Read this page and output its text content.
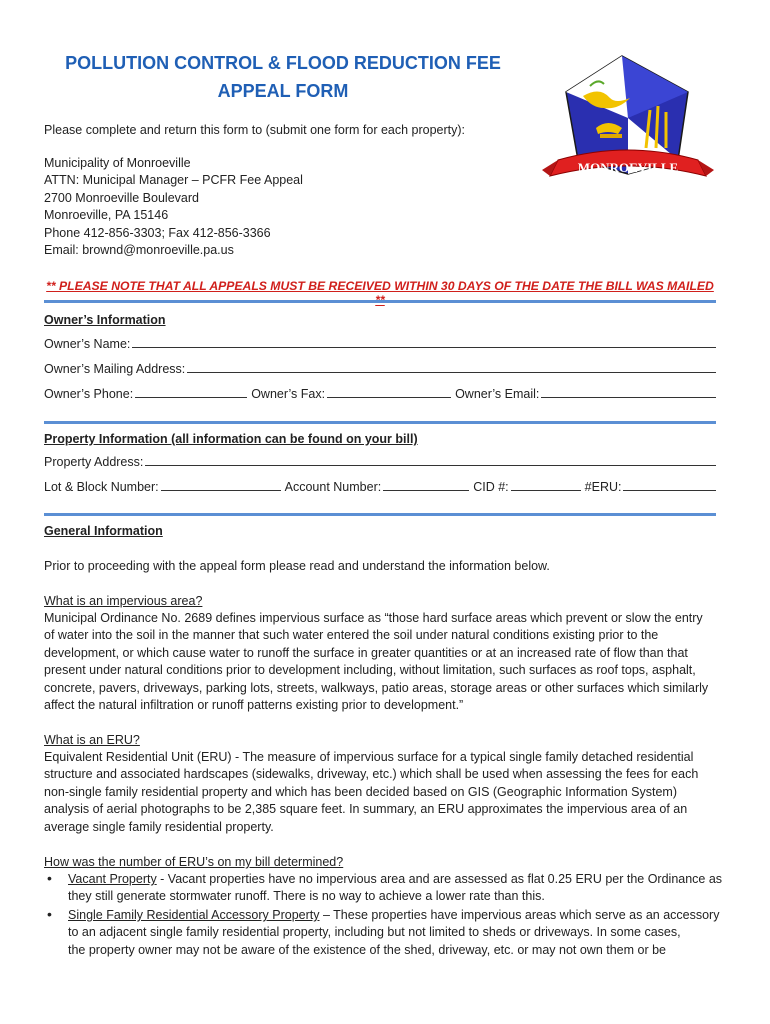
POLLUTION CONTROL & FLOOD REDUCTION FEE
APPEAL FORM
MONROEVILLE
Please complete and return this form to (submit one form for each property):
Municipality of Monroeville
ATTN: Municipal Manager – PCFR Fee Appeal
2700 Monroeville Boulevard
Monroeville, PA 15146
Phone 412-856-3303; Fax 412-856-3366
Email: brownd@monroeville.pa.us
** PLEASE NOTE THAT ALL APPEALS MUST BE RECEIVED WITHIN 30 DAYS OF THE DATE THE BILL WAS MAILED
Owner’s Information
Owner’s Name:
Owner’s Mailing Address:
Owner’s Phone:	Owner’s Fax:	Owner’s Email:
Property Information (all information can be found on your bill)
Property Address:
Lot & Block Number:	Account Number:	CID #:	#ERU:
General Information
Prior to proceeding with the appeal form please read and understand the information below.
What is an impervious area?
Municipal Ordinance No. 2689 defines impervious surface as “those hard surface areas which prevent or slow the entry
of water into the soil in the manner that such water entered the soil under natural conditions existing prior to the
development, or which cause water to runoff the surface in greater quantities or at an increased rate of flow than that
present under natural conditions prior to development including, without limitation, such surfaces as roof tops, asphalt,
concrete, pavers, driveways, parking lots, streets, walkways, patio areas, storage areas or other surfaces which similarly
affect the natural infiltration or runoff patterns existing prior to development.”
What is an ERU?
Equivalent Residential Unit (ERU) - The measure of impervious surface for a typical single family detached residential
structure and associated hardscapes (sidewalks, driveway, etc.) which shall be used when assessing the fees for each
non-single family residential property and which has been decided based on GIS (Geographic Information System)
analysis of aerial photographs to be 2,385 square feet. In summary, an ERU approximates the impervious area of an
average single family residential property.
How was the number of ERU’s on my bill determined?
• Vacant Property - Vacant properties have no impervious area and are assessed as flat 0.25 ERU per the Ordinance as
they still generate stormwater runoff. There is no way to achieve a lower rate than this.
• Single Family Residential Accessory Property – These properties have impervious areas which serve as an accessory
to an adjacent single family residential property, including but not limited to sheds or driveways. In some cases,
the property owner may not be aware of the existence of the shed, driveway, etc. or may not own them or be
